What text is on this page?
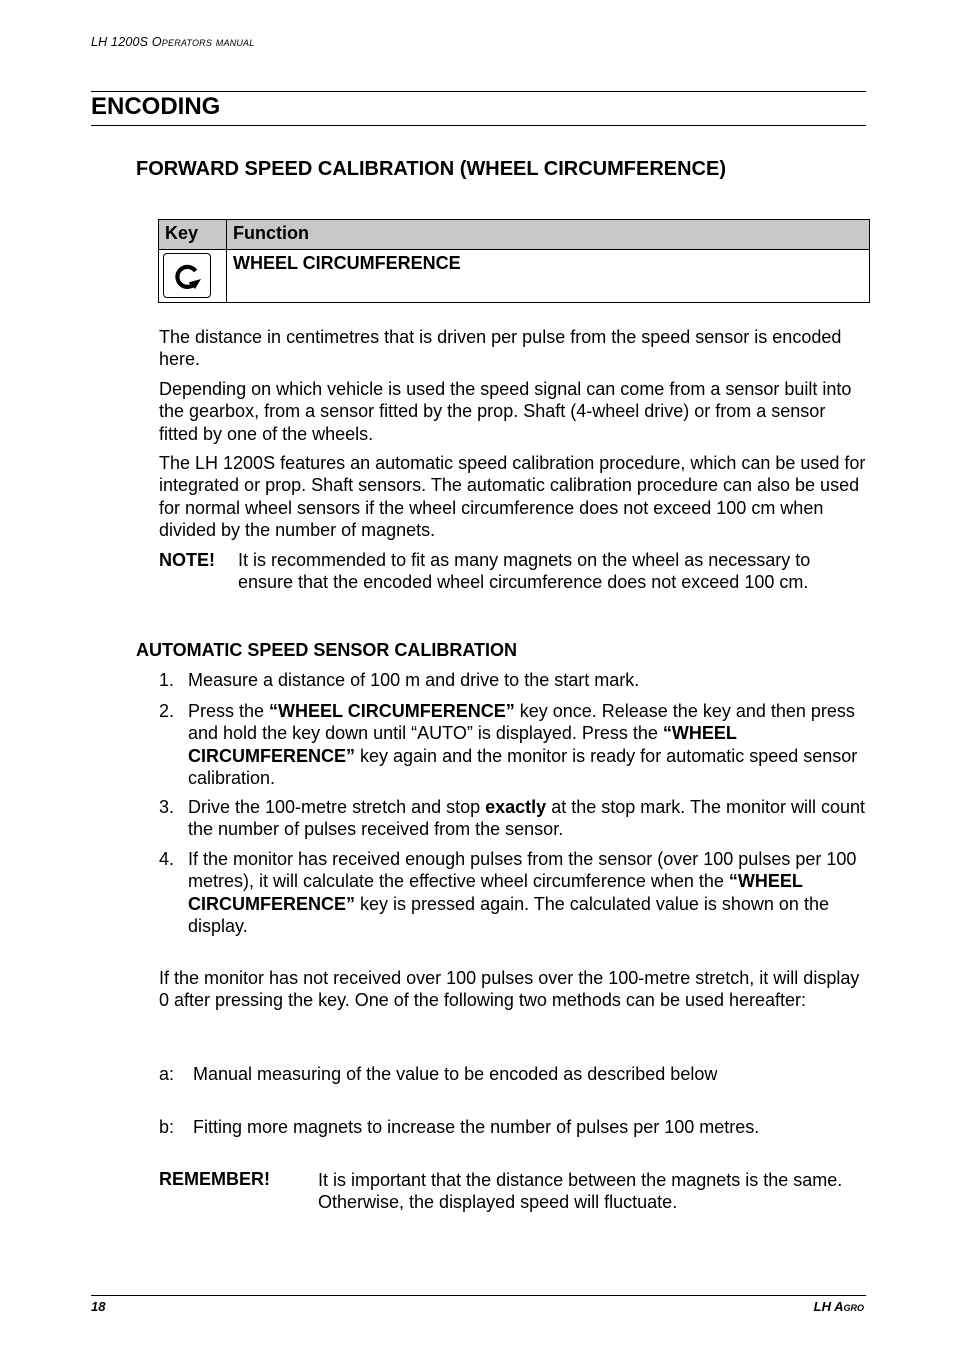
LH 1200S Operators manual
ENCODING
FORWARD SPEED CALIBRATION (WHEEL CIRCUMFERENCE)
Key	Function

	WHEEL CIRCUMFERENCE
The distance in centimetres that is driven per pulse from the speed sensor is encoded here.
Depending on which vehicle is used the speed signal can come from a sensor built into the gearbox, from a sensor fitted by the prop. Shaft (4-wheel drive) or from a sensor fitted by one of the wheels.
The LH 1200S features an automatic speed calibration procedure, which can be used for integrated or prop. Shaft sensors. The automatic calibration procedure can also be used for normal wheel sensors if the wheel circumference does not exceed 100 cm when divided by the number of magnets.
NOTE! It is recommended to fit as many magnets on the wheel as necessary to ensure that the encoded wheel circumference does not exceed 100 cm.
AUTOMATIC SPEED SENSOR CALIBRATION
1. Measure a distance of 100 m and drive to the start mark.
2. Press the “WHEEL CIRCUMFERENCE” key once. Release the key and then press and hold the key down until “AUTO” is displayed. Press the “WHEEL CIRCUMFERENCE” key again and the monitor is ready for automatic speed sensor calibration.
3. Drive the 100-metre stretch and stop exactly at the stop mark. The monitor will count the number of pulses received from the sensor.
4. If the monitor has received enough pulses from the sensor (over 100 pulses per 100 metres), it will calculate the effective wheel circumference when the “WHEEL CIRCUMFERENCE” key is pressed again. The calculated value is shown on the display.
If the monitor has not received over 100 pulses over the 100-metre stretch, it will display 0 after pressing the key. One of the following two methods can be used hereafter:
a: Manual measuring of the value to be encoded as described below
b: Fitting more magnets to increase the number of pulses per 100 metres.
REMEMBER!	It is important that the distance between the magnets is the same. Otherwise, the displayed speed will fluctuate.
18	LH Agro
